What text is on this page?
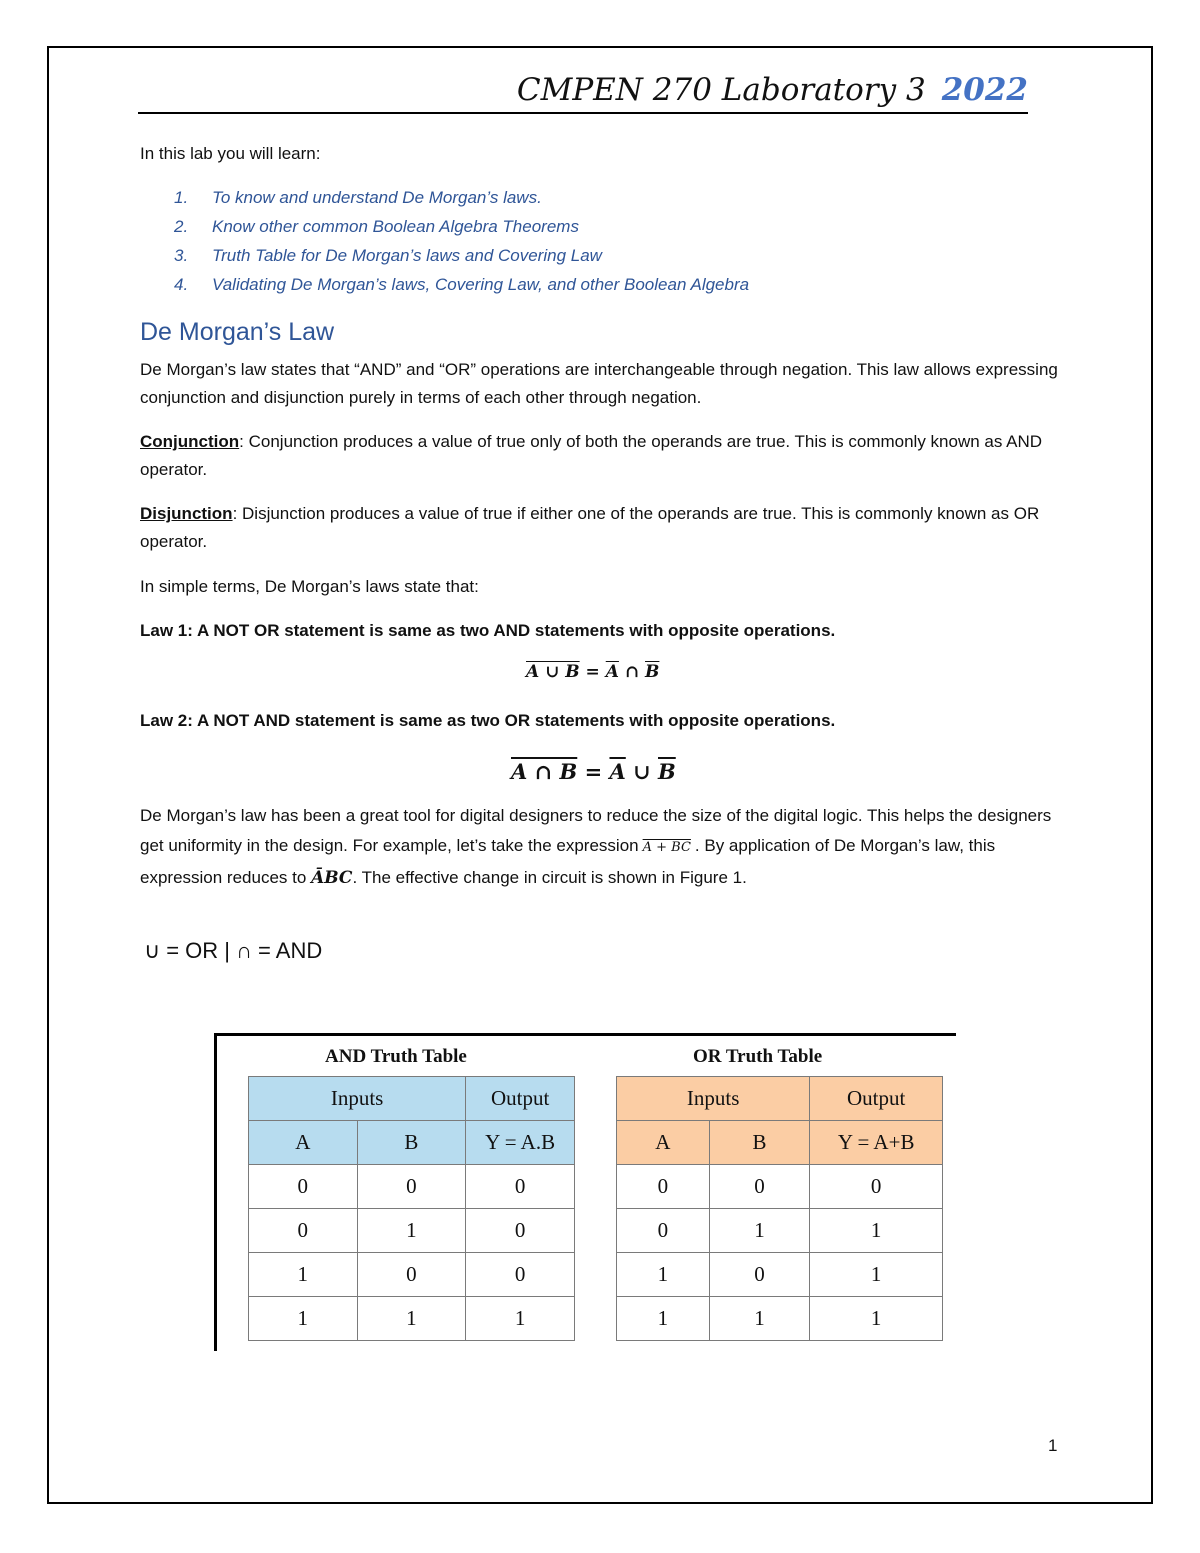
CMPEN 270 Laboratory 3 2022
In this lab you will learn:
1. To know and understand De Morgan’s laws.
2. Know other common Boolean Algebra Theorems
3. Truth Table for De Morgan’s laws and Covering Law
4. Validating De Morgan’s laws, Covering Law, and other Boolean Algebra
De Morgan’s Law

De Morgan’s law states that “AND” and “OR” operations are interchangeable through negation. This law allows expressing conjunction and disjunction purely in terms of each other through negation.

Conjunction: Conjunction produces a value of true only of both the operands are true. This is commonly known as AND operator.

Disjunction: Disjunction produces a value of true if either one of the operands are true. This is commonly known as OR operator.

In simple terms, De Morgan’s laws state that:

Law 1: A NOT OR statement is same as two AND statements with opposite operations.

A ∪ $B = \overline{A}$ ∩ $\overline{B}$

Law 2: A NOT AND statement is same as two OR statements with opposite operations.

A ∩ $B = \overline{A}$ ∪ $\overline{B}$

De Morgan’s law has been a great tool for digital designers to reduce the size of the digital logic. This helps the designers get uniformity in the design. For example, let’s take the expression A + BC . By application of De Morgan’s law, this expression reduces to ĀBC. The effective change in circuit is shown in Figure 1.

∪ = OR | ∩ = AND
AND Truth Table
Inputs		Output
A	B	Y = A.B
0	0	0
0	1	0
1	0	0
1	1	1
OR Truth Table
Inputs		Output
A	B	Y = A+B
0	0	0
0	1	1
1	0	1
1	1	1
1
